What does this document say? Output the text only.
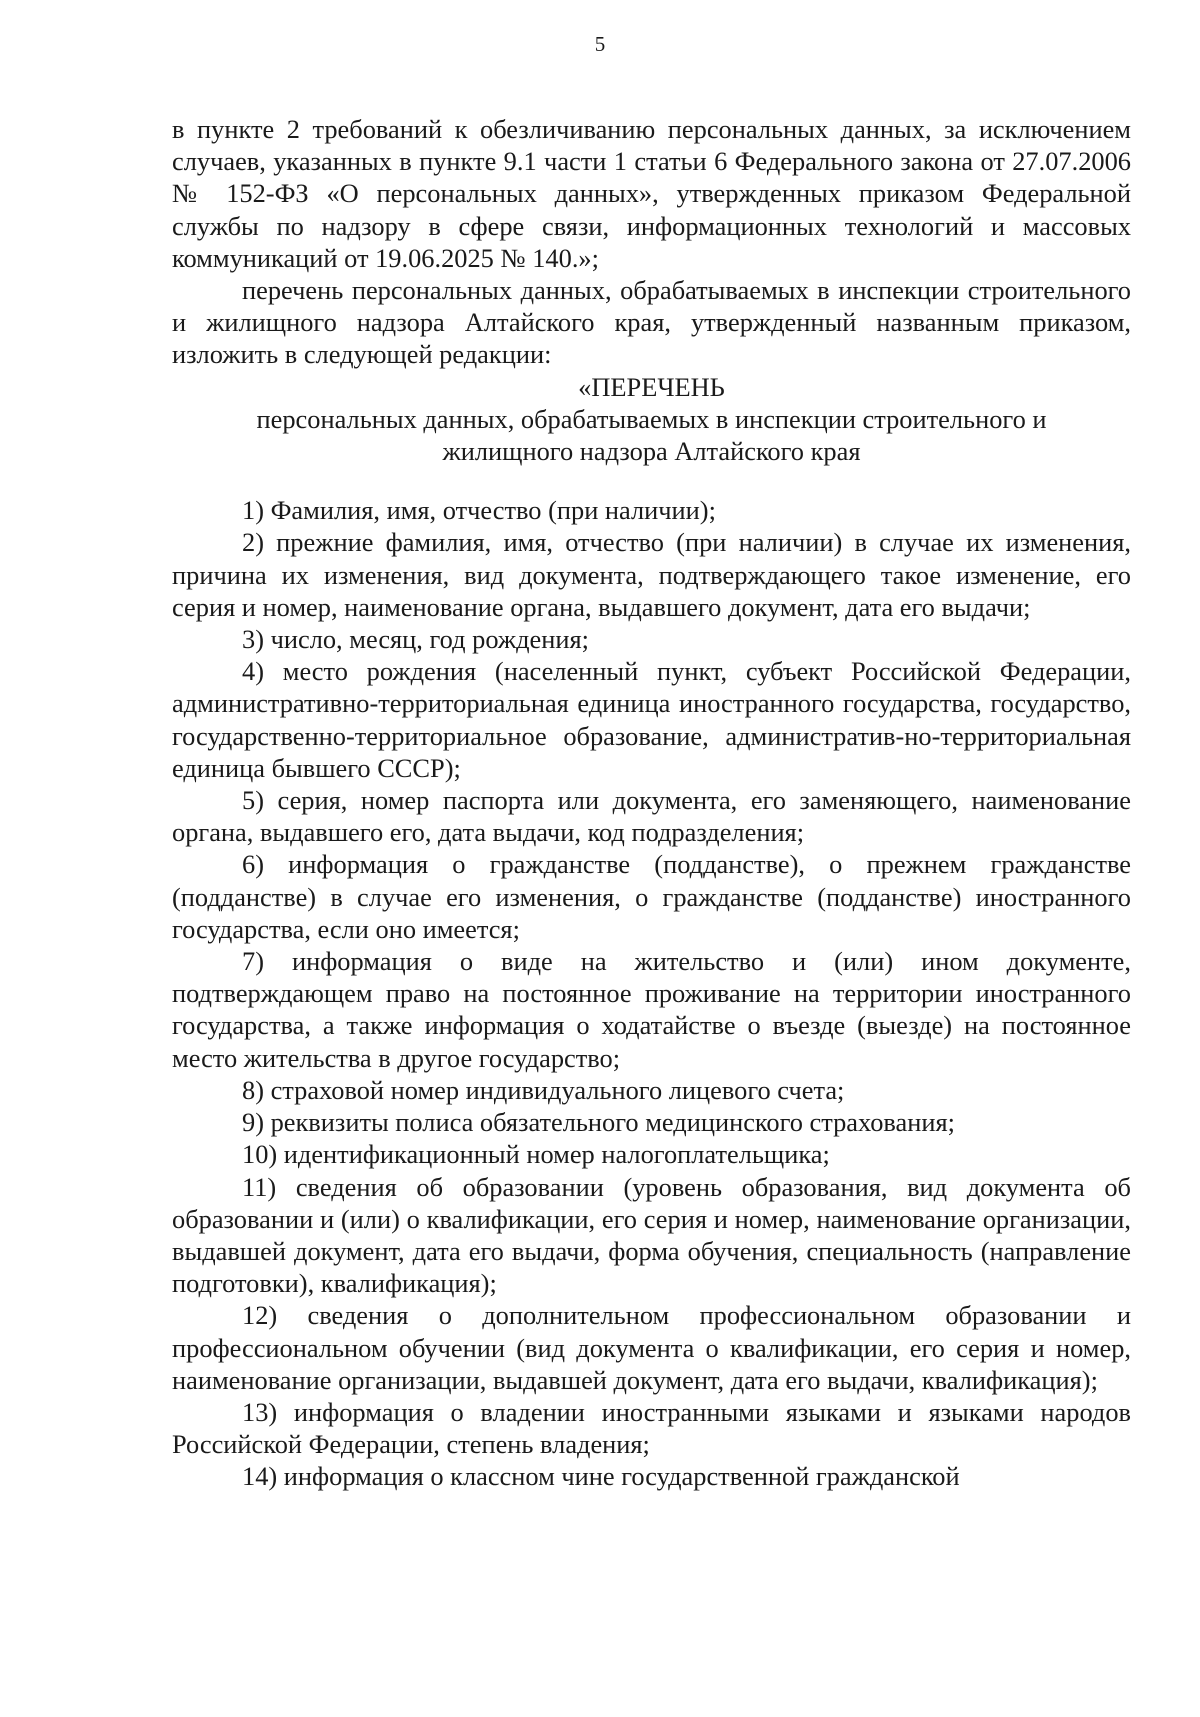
5

в пункте 2 требований к обезличиванию персональных данных, за исключением случаев, указанных в пункте 9.1 части 1 статьи 6 Федерального закона от 27.07.2006 № 152-ФЗ «О персональных данных», утвержденных приказом Федеральной службы по надзору в сфере связи, информационных технологий и массовых коммуникаций от 19.06.2025 № 140.»;

перечень персональных данных, обрабатываемых в инспекции строительного и жилищного надзора Алтайского края, утвержденный названным приказом, изложить в следующей редакции:

«ПЕРЕЧЕНЬ

персональных данных, обрабатываемых в инспекции строительного и жилищного надзора Алтайского края

1) Фамилия, имя, отчество (при наличии);

2) прежние фамилия, имя, отчество (при наличии) в случае их изменения, причина их изменения, вид документа, подтверждающего такое изменение, его серия и номер, наименование органа, выдавшего документ, дата его выдачи;

3) число, месяц, год рождения;

4) место рождения (населенный пункт, субъект Российской Федерации, административно-территориальная единица иностранного государства, государство, государственно-территориальное образование, административ-но-территориальная единица бывшего СССР);

5) серия, номер паспорта или документа, его заменяющего, наименование органа, выдавшего его, дата выдачи, код подразделения;

6) информация о гражданстве (подданстве), о прежнем гражданстве (подданстве) в случае его изменения, о гражданстве (подданстве) иностранного государства, если оно имеется;

7) информация о виде на жительство и (или) ином документе, подтверждающем право на постоянное проживание на территории иностранного государства, а также информация о ходатайстве о въезде (выезде) на постоянное место жительства в другое государство;

8) страховой номер индивидуального лицевого счета;

9) реквизиты полиса обязательного медицинского страхования;

10) идентификационный номер налогоплательщика;

11) сведения об образовании (уровень образования, вид документа об образовании и (или) о квалификации, его серия и номер, наименование организации, выдавшей документ, дата его выдачи, форма обучения, специальность (направление подготовки), квалификация);

12) сведения о дополнительном профессиональном образовании и профессиональном обучении (вид документа о квалификации, его серия и номер, наименование организации, выдавшей документ, дата его выдачи, квалификация);

13) информация о владении иностранными языками и языками народов Российской Федерации, степень владения;

14) информация о классном чине государственной гражданской
